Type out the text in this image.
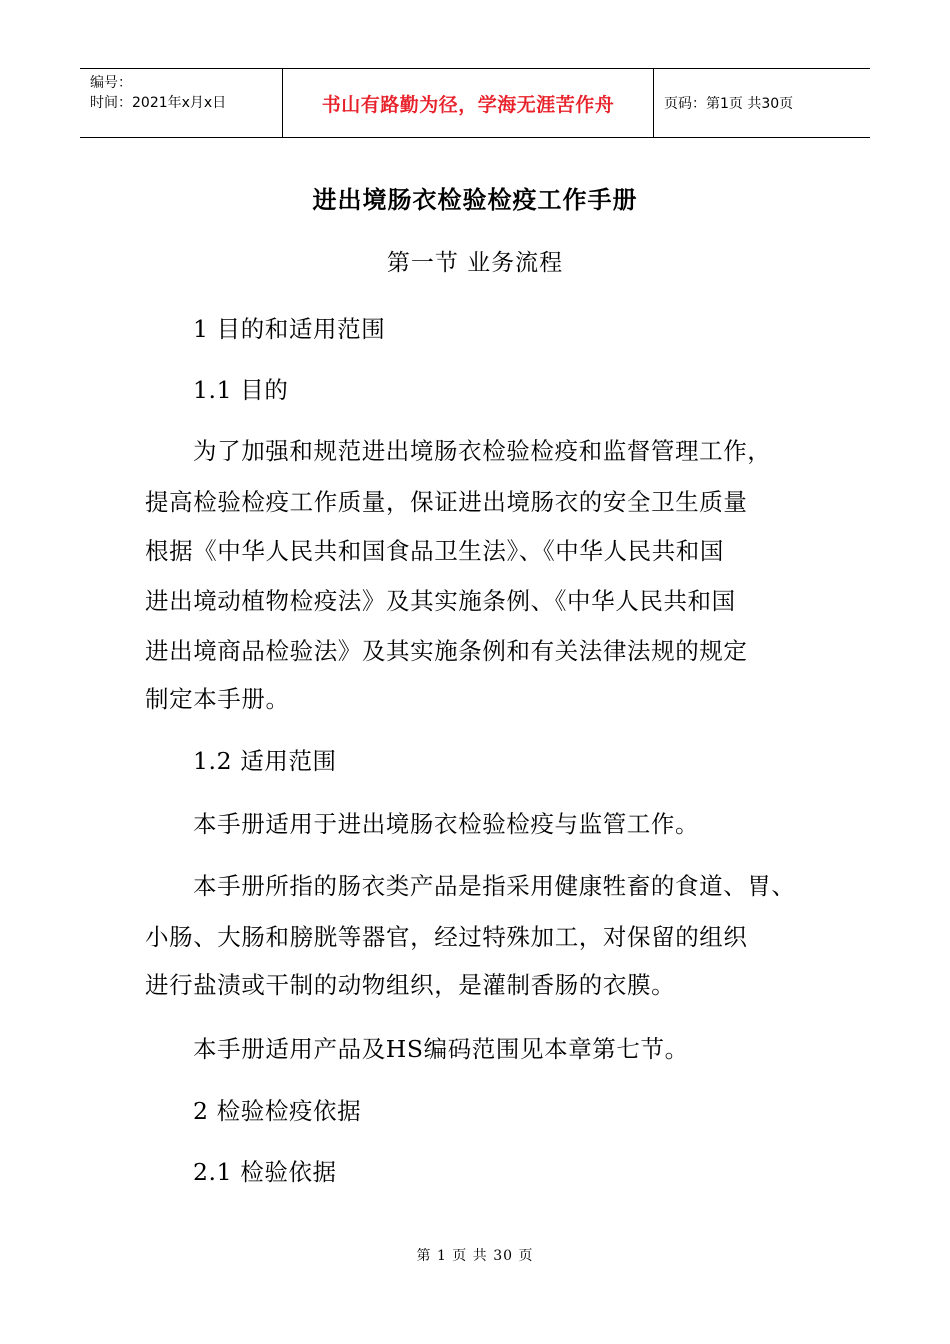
编号：
时间：2021年x月x日	书山有路勤为径，学海无涯苦作舟	页码：第1页 共30页
进出境肠衣检验检疫工作手册
第一节 业务流程
1 目的和适用范围
1.1 目的
为了加强和规范进出境肠衣检验检疫和监督管理工作，
提高检验检疫工作质量，保证进出境肠衣的安全卫生质量
根据《中华人民共和国食品卫生法》、《中华人民共和国
进出境动植物检疫法》及其实施条例、《中华人民共和国
进出境商品检验法》及其实施条例和有关法律法规的规定
制定本手册。
1.2 适用范围
本手册适用于进出境肠衣检验检疫与监管工作。
本手册所指的肠衣类产品是指采用健康牲畜的食道、胃、
小肠、大肠和膀胱等器官，经过特殊加工，对保留的组织
进行盐渍或干制的动物组织，是灌制香肠的衣膜。
本手册适用产品及HS编码范围见本章第七节。
2 检验检疫依据
2.1 检验依据
第 1 页 共 30 页
